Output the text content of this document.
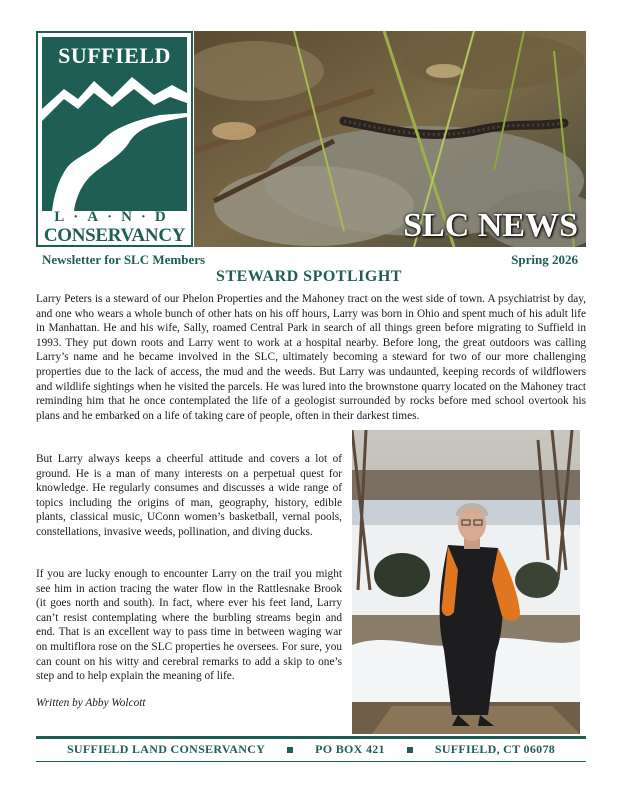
SUFFIELD
L·A·N·D
CONSERVANCY	SLC NEWS
Newsletter for SLC Members	Spring 2026
STEWARD SPOTLIGHT

Larry Peters is a steward of our Phelon Properties and the Mahoney tract on the west side of town. A psychiatrist by day, and one who wears a whole bunch of other hats on his off hours, Larry was born in Ohio and spent much of his adult life in Manhattan. He and his wife, Sally, roamed Central Park in search of all things green before migrating to Suffield in 1993. They put down roots and Larry went to work at a hospital nearby. Before long, the great outdoors was calling Larry’s name and he became involved in the SLC, ultimately becoming a steward for two of our more challenging properties due to the lack of access, the mud and the weeds. But Larry was undaunted, keeping records of wildflowers and wildlife sightings when he visited the parcels. He was lured into the brownstone quarry located on the Mahoney tract reminding him that he once contemplated the life of a geologist surrounded by rocks before med school overtook his plans and he embarked on a life of taking care of people, often in their darkest times.

But Larry always keeps a cheerful attitude and covers a lot of ground. He is a man of many interests on a perpetual quest for knowledge. He regularly consumes and discusses a wide range of topics including the origins of man, geography, history, edible plants, classical music, UConn women’s basketball, vernal pools, constellations, invasive weeds, pollination, and diving ducks.

If you are lucky enough to encounter Larry on the trail you might see him in action tracing the water flow in the Rattlesnake Brook (it goes north and south). In fact, where ever his feet land, Larry can’t resist contemplating where the burbling streams begin and end. That is an excellent way to pass time in between waging war on multiflora rose on the SLC properties he oversees. For sure, you can count on his witty and cerebral remarks to add a skip to one’s step and to help explain the meaning of life.

Written by Abby Wolcott
SUFFIELD LAND CONSERVANCY	PO BOX 421	SUFFIELD, CT 06078
